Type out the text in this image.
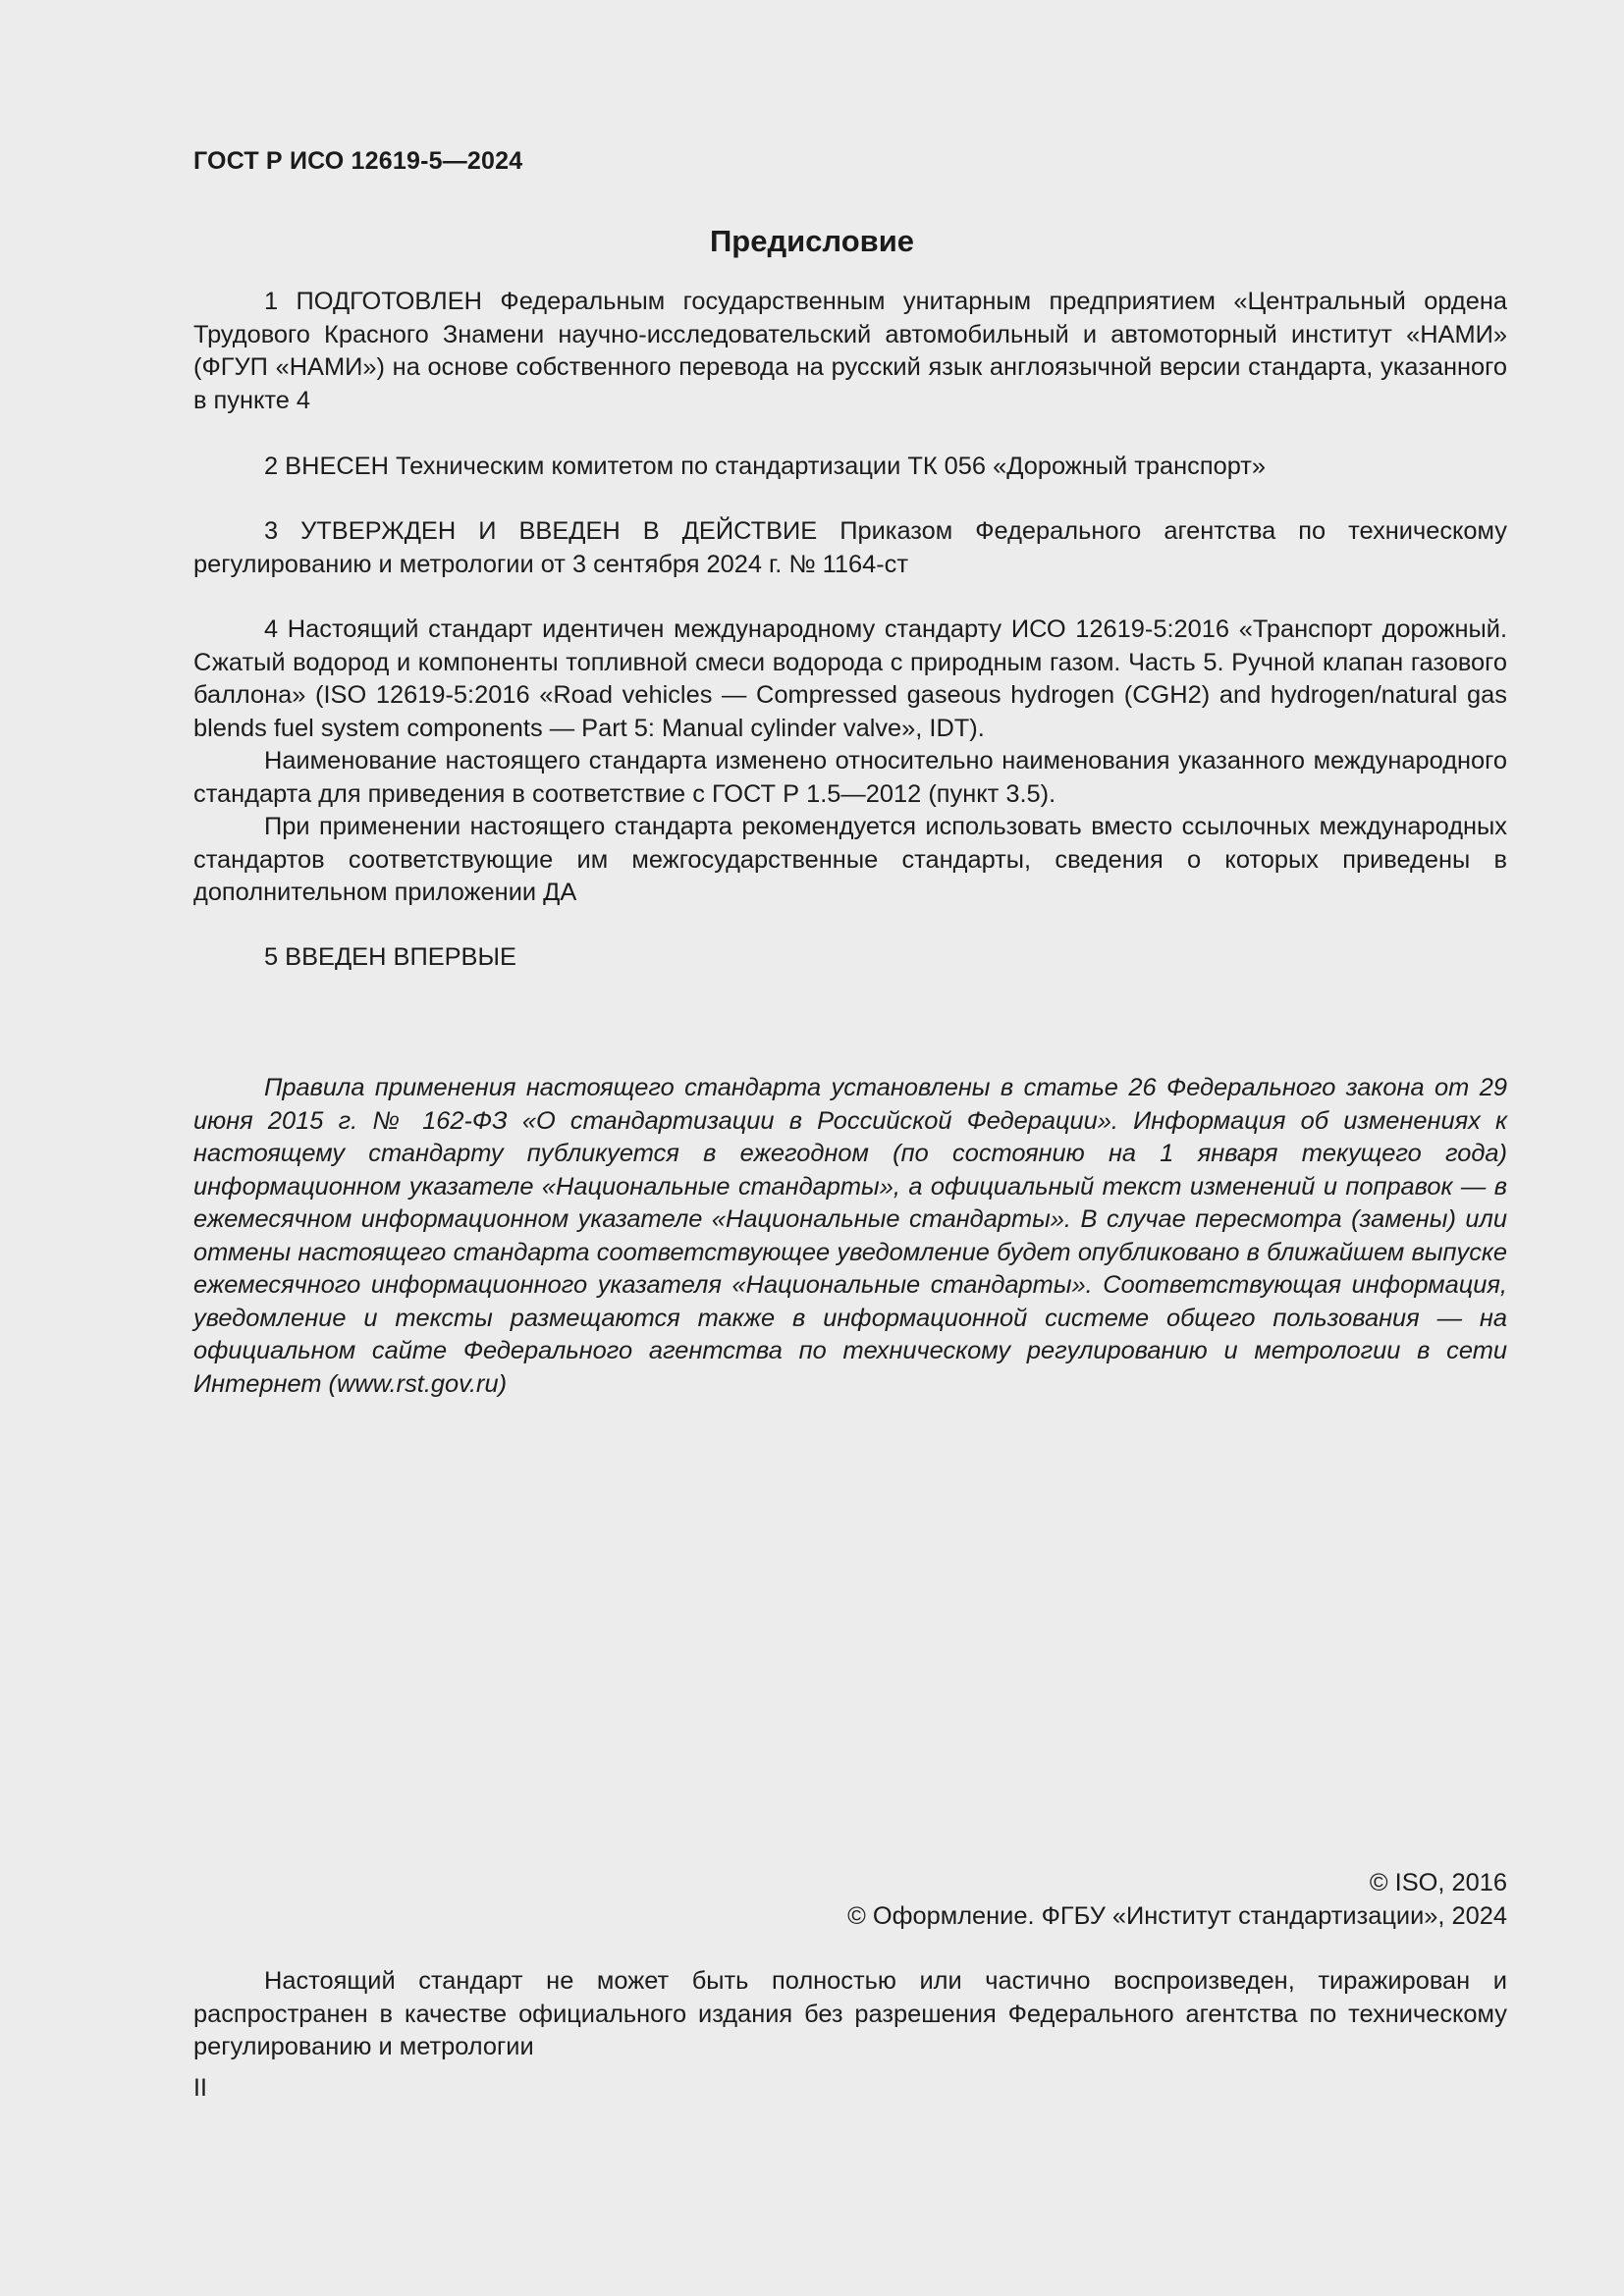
ГОСТ Р ИСО 12619-5—2024
Предисловие

1 ПОДГОТОВЛЕН Федеральным государственным унитарным предприятием «Центральный ордена Трудового Красного Знамени научно-исследовательский автомобильный и автомоторный институт «НАМИ» (ФГУП «НАМИ») на основе собственного перевода на русский язык англоязычной версии стандарта, указанного в пункте 4

2 ВНЕСЕН Техническим комитетом по стандартизации ТК 056 «Дорожный транспорт»

3 УТВЕРЖДЕН И ВВЕДЕН В ДЕЙСТВИЕ Приказом Федерального агентства по техническому регулированию и метрологии от 3 сентября 2024 г. № 1164-ст

4 Настоящий стандарт идентичен международному стандарту ИСО 12619-5:2016 «Транспорт дорожный. Сжатый водород и компоненты топливной смеси водорода с природным газом. Часть 5. Ручной клапан газового баллона» (ISO 12619-5:2016 «Road vehicles — Compressed gaseous hydrogen (CGH2) and hydrogen/natural gas blends fuel system components — Part 5: Manual cylinder valve», IDT).

Наименование настоящего стандарта изменено относительно наименования указанного международного стандарта для приведения в соответствие с ГОСТ Р 1.5—2012 (пункт 3.5).

При применении настоящего стандарта рекомендуется использовать вместо ссылочных международных стандартов соответствующие им межгосударственные стандарты, сведения о которых приведены в дополнительном приложении ДА

5 ВВЕДЕН ВПЕРВЫЕ

Правила применения настоящего стандарта установлены в статье 26 Федерального закона от 29 июня 2015 г. № 162-ФЗ «О стандартизации в Российской Федерации». Информация об изменениях к настоящему стандарту публикуется в ежегодном (по состоянию на 1 января текущего года) информационном указателе «Национальные стандарты», а официальный текст изменений и поправок — в ежемесячном информационном указателе «Национальные стандарты». В случае пересмотра (замены) или отмены настоящего стандарта соответствующее уведомление будет опубликовано в ближайшем выпуске ежемесячного информационного указателя «Национальные стандарты». Соответствующая информация, уведомление и тексты размещаются также в информационной системе общего пользования — на официальном сайте Федерального агентства по техническому регулированию и метрологии в сети Интернет (www.rst.gov.ru)

© ISO, 2016

© Оформление. ФГБУ «Институт стандартизации», 2024

Настоящий стандарт не может быть полностью или частично воспроизведен, тиражирован и распространен в качестве официального издания без разрешения Федерального агентства по техническому регулированию и метрологии

II
